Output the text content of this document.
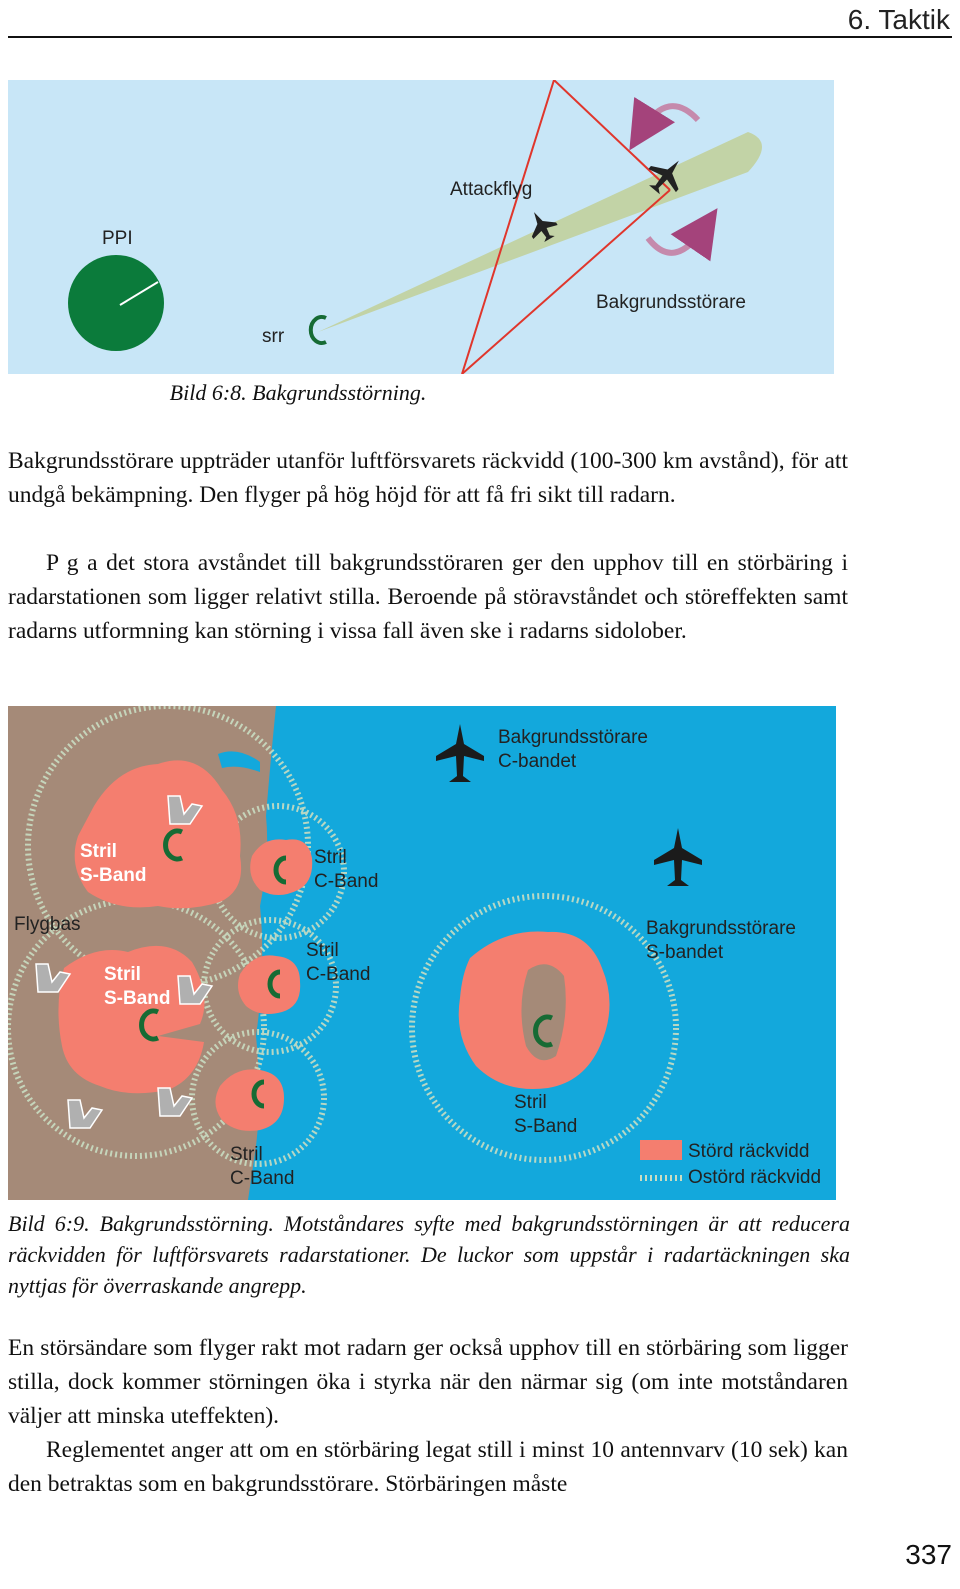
6. Taktik
PPI
Attackflyg
Bakgrundsstörare
srr
Bild 6:8. Bakgrundsstörning.

Bakgrundsstörare uppträder utanför luftförsvarets räckvidd (100-300 km avstånd), för att undgå bekämpning. Den flyger på hög höjd för att få fri sikt till radarn.

P g a det stora avståndet till bakgrundsstöraren ger den upphov till en störbäring i radarstationen som ligger relativt stilla. Beroende på störavståndet och störeffekten samt radarns utformning kan störning i vissa fall även ske i radarns sidolober.

Bakgrundsstörare
C-bandet
Bakgrundsstörare
S-bandet
Flygbas
Stril
C-Band
Stril
C-Band
Stril
C-Band
Stril
S-Band
Stril
S-Band
Stril
S-Band
Störd räckvidd
Ostörd räckvidd
Bild 6:9. Bakgrundsstörning. Motståndares syfte med bakgrundsstörningen är att reducera räckvidden för luftförsvarets radarstationer. De luckor som uppstår i radartäckningen ska nyttjas för överraskande angrepp.

En störsändare som flyger rakt mot radarn ger också upphov till en störbäring som ligger stilla, dock kommer störningen öka i styrka när den närmar sig (om inte motståndaren väljer att minska uteffekten).

Reglementet anger att om en störbäring legat still i minst 10 antennvarv (10 sek) kan den betraktas som en bakgrundsstörare. Störbäringen måste

337
